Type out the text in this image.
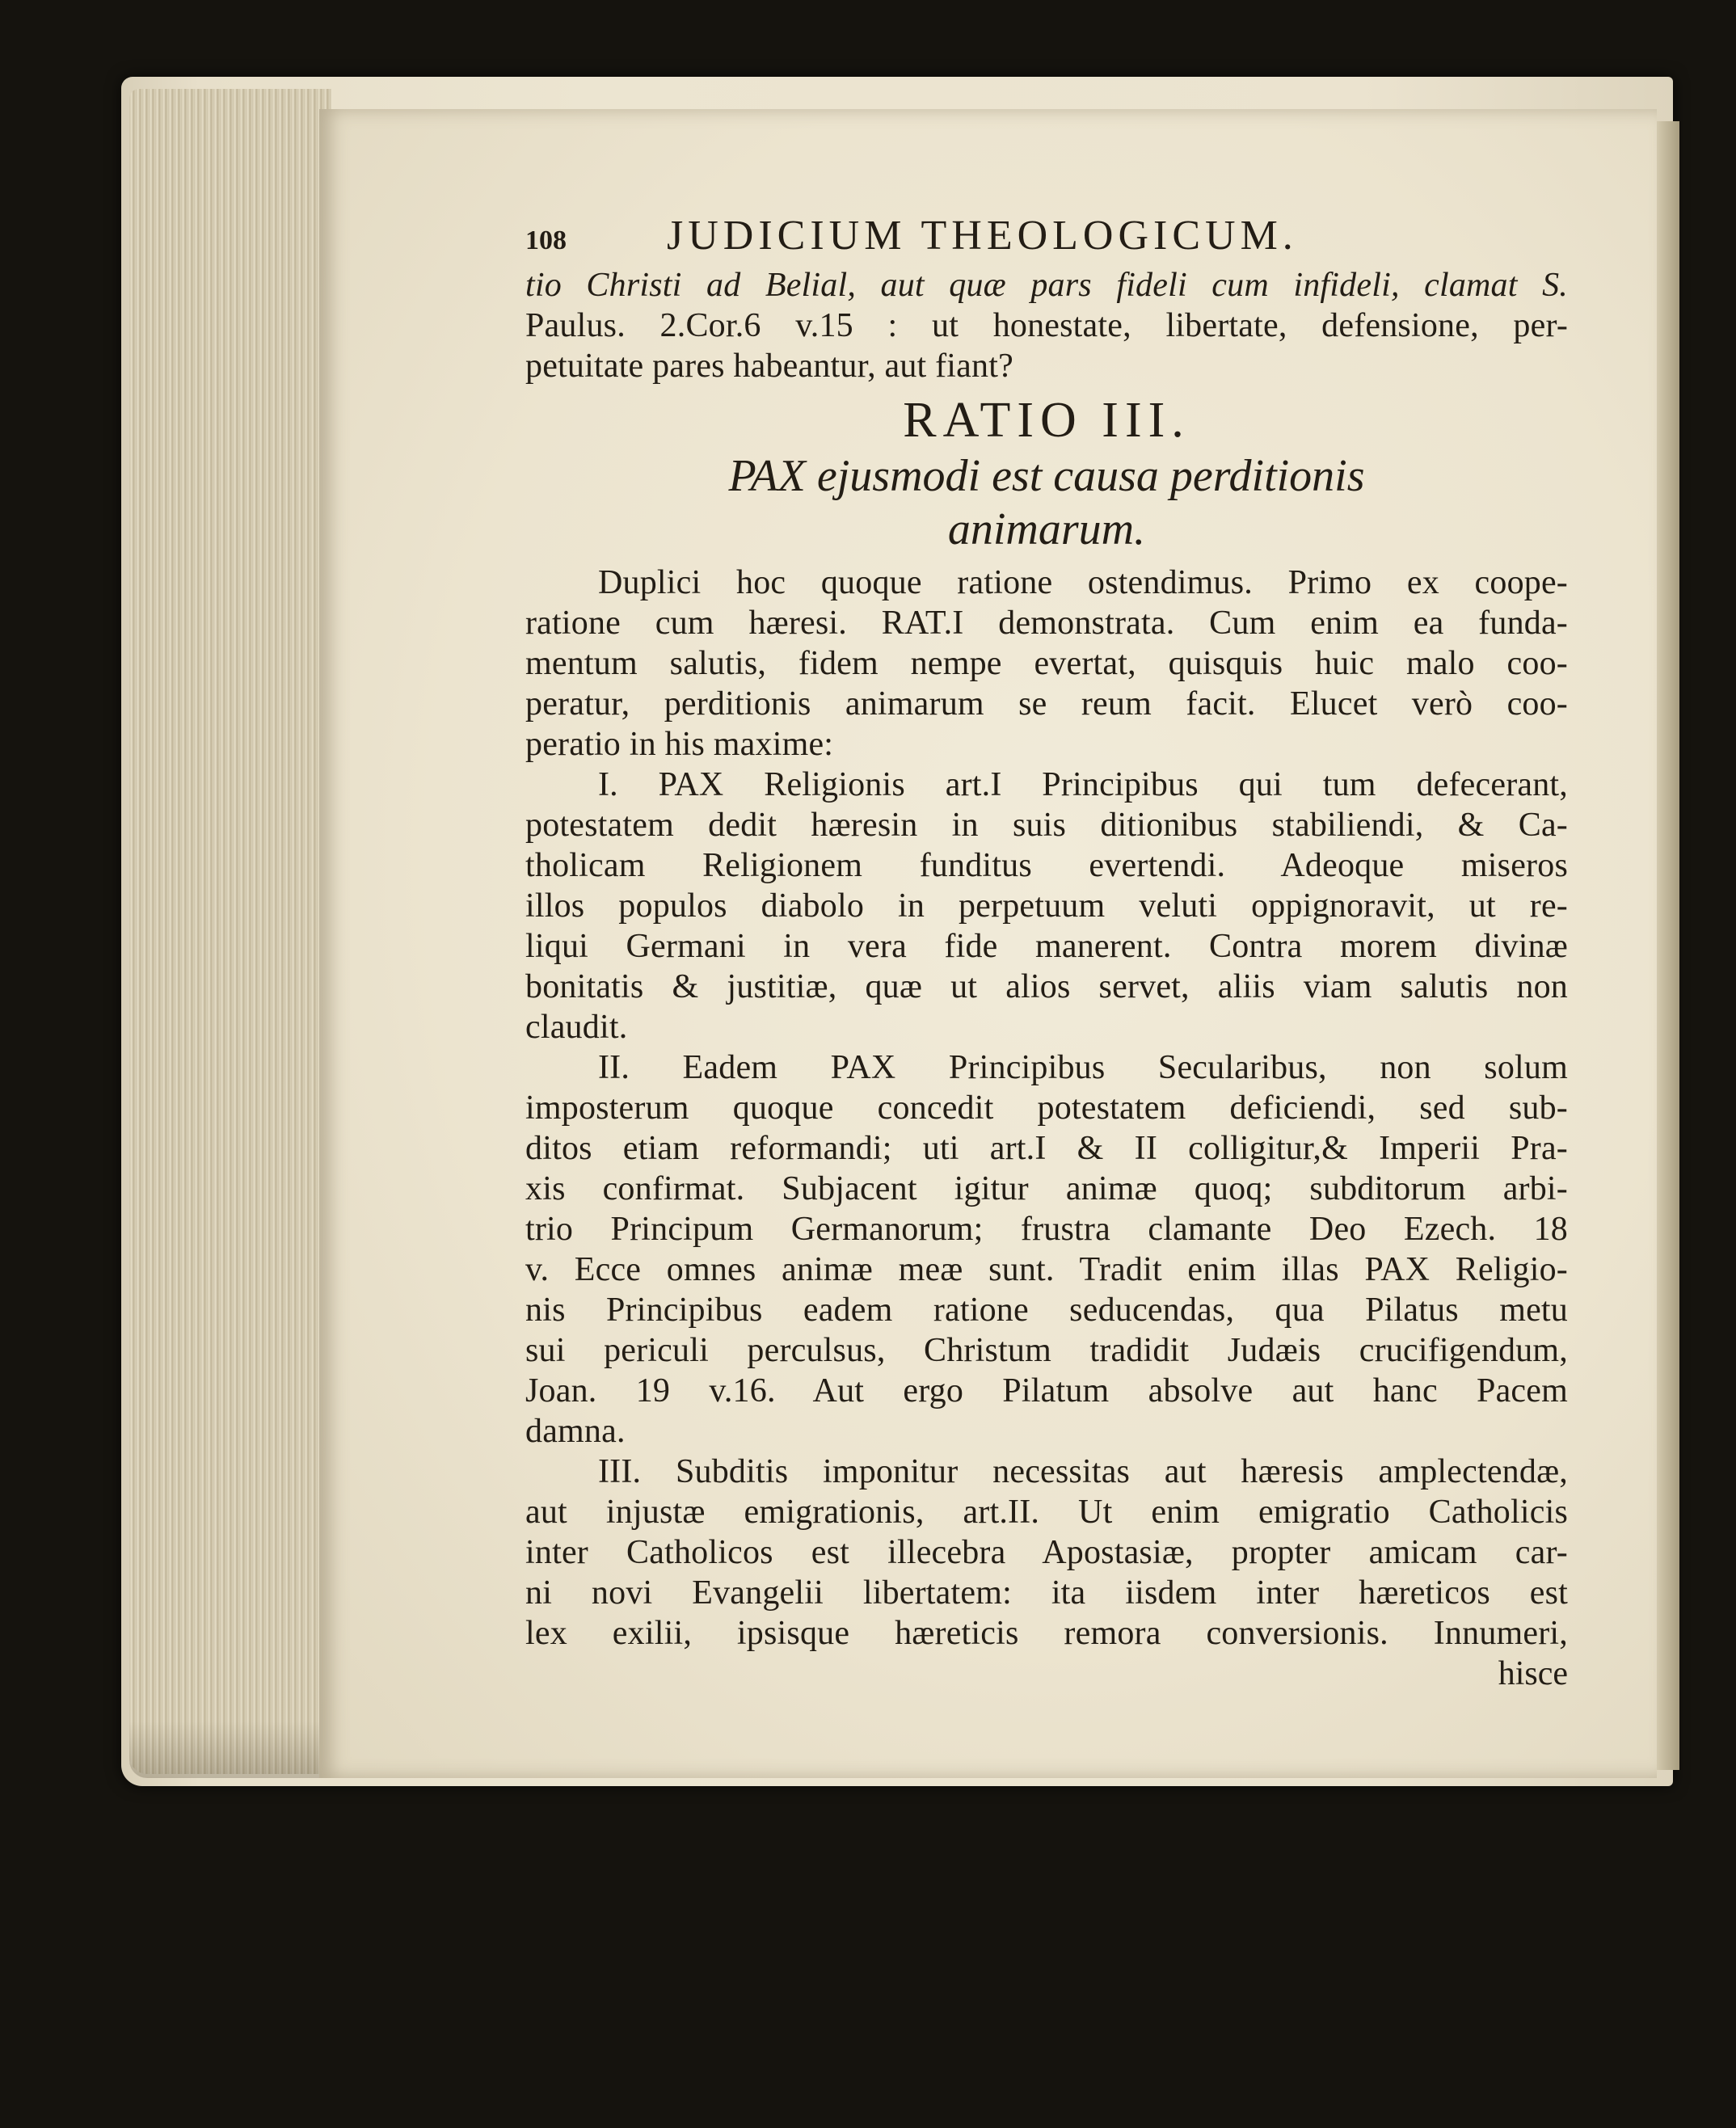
108	JUDICIUM THEOLOGICUM.
tio Christi ad Belial, aut quæ pars fideli cum infideli, clamat S.
Paulus. 2.Cor.6 v.15 : ut honestate, libertate, defensione, per-
petuitate pares habeantur, aut fiant?
RATIO III.
PAX ejusmodi est causa perditionis
animarum.
Duplici hoc quoque ratione ostendimus. Primo ex coope-
ratione cum hæresi. RAT.I demonstrata. Cum enim ea funda-
mentum salutis, fidem nempe evertat, quisquis huic malo coo-
peratur, perditionis animarum se reum facit. Elucet verò coo-
peratio in his maxime:
I. PAX Religionis art.I Principibus qui tum defecerant,
potestatem dedit hæresin in suis ditionibus stabiliendi, & Ca-
tholicam Religionem funditus evertendi. Adeoque miseros
illos populos diabolo in perpetuum veluti oppignoravit, ut re-
liqui Germani in vera fide manerent. Contra morem divinæ
bonitatis & justitiæ, quæ ut alios servet, aliis viam salutis non
claudit.
II. Eadem PAX Principibus Secularibus, non solum
imposterum quoque concedit potestatem deficiendi, sed sub-
ditos etiam reformandi; uti art.I & II colligitur,& Imperii Pra-
xis confirmat. Subjacent igitur animæ quoq; subditorum arbi-
trio Principum Germanorum; frustra clamante Deo Ezech. 18
v. Ecce omnes animæ meæ sunt. Tradit enim illas PAX Religio-
nis Principibus eadem ratione seducendas, qua Pilatus metu
sui periculi perculsus, Christum tradidit Judæis crucifigendum,
Joan. 19 v.16. Aut ergo Pilatum absolve aut hanc Pacem
damna.
III. Subditis imponitur necessitas aut hæresis amplectendæ,
aut injustæ emigrationis, art.II. Ut enim emigratio Catholicis
inter Catholicos est illecebra Apostasiæ, propter amicam car-
ni novi Evangelii libertatem: ita iisdem inter hæreticos est
lex exilii, ipsisque hæreticis remora conversionis. Innumeri,
hisce
